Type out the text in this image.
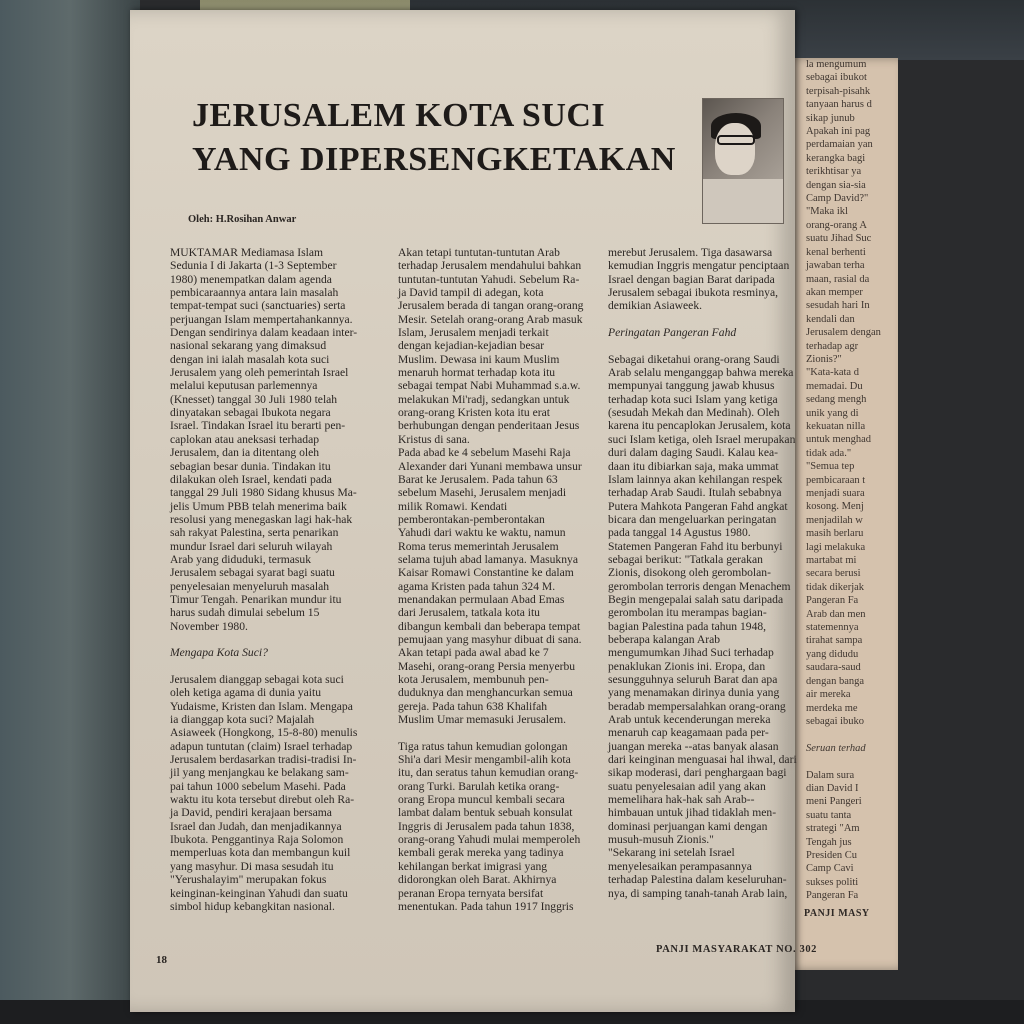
la mengumum
sebagai ibukot
terpisah-pisahk
tanyaan harus d
sikap junub
Apakah ini pag
perdamaian yan
kerangka bagi
terikhtisar ya
dengan sia-sia
Camp David?"
"Maka ikl
orang-orang A
suatu Jihad Suc
kenal berhenti
jawaban terha
maan, rasial da
akan memper
sesudah hari In
kendali dan
Jerusalem dengan
terhadap agr
Zionis?"
"Kata-kata d
memadai. Du
sedang mengh
unik yang di
kekuatan nilla
untuk menghad
tidak ada."
"Semua tep
pembicaraan t
menjadi suara
kosong. Menj
menjadilah w
masih berlaru
lagi melakuka
martabat mi
secara berusi
tidak dikerjak
Pangeran Fa
Arab dan men
statemennya
tirahat sampa
yang didudu
saudara-saud
dengan banga
air mereka
merdeka me
sebagai ibuko
Seruan terhad
Dalam sura
dian David I
meni Pangeri
suatu tanta
strategi "Am
Tengah jus
Presiden Cu
Camp Cavi
sukses politi
Pangeran Fa
PANJI MASY
JERUSALEM KOTA SUCI
YANG DIPERSENGKETAKAN
Oleh: H.Rosihan Anwar
MUKTAMAR Mediamasa Islam
Sedunia I di Jakarta (1-3 September
1980) menempatkan dalam agenda
pembicaraannya antara lain masalah
tempat-tempat suci (sanctuaries) serta
perjuangan Islam mempertahankannya.
Dengan sendirinya dalam keadaan inter-
nasional sekarang yang dimaksud
dengan ini ialah masalah kota suci
Jerusalem yang oleh pemerintah Israel
melalui keputusan parlemennya
(Knesset) tanggal 30 Juli 1980 telah
dinyatakan sebagai Ibukota negara
Israel. Tindakan Israel itu berarti pen-
caplokan atau aneksasi terhadap
Jerusalem, dan ia ditentang oleh
sebagian besar dunia. Tindakan itu
dilakukan oleh Israel, kendati pada
tanggal 29 Juli 1980 Sidang khusus Ma-
jelis Umum PBB telah menerima baik
resolusi yang menegaskan lagi hak-hak
sah rakyat Palestina, serta penarikan
mundur Israel dari seluruh wilayah
Arab yang diduduki, termasuk
Jerusalem sebagai syarat bagi suatu
penyelesaian menyeluruh masalah
Timur Tengah. Penarikan mundur itu
harus sudah dimulai sebelum 15
November 1980.
Mengapa Kota Suci?
Jerusalem dianggap sebagai kota suci
oleh ketiga agama di dunia yaitu
Yudaisme, Kristen dan Islam. Mengapa
ia dianggap kota suci? Majalah
Asiaweek (Hongkong, 15-8-80) menulis
adapun tuntutan (claim) Israel terhadap
Jerusalem berdasarkan tradisi-tradisi In-
jil yang menjangkau ke belakang sam-
pai tahun 1000 sebelum Masehi. Pada
waktu itu kota tersebut direbut oleh Ra-
ja David, pendiri kerajaan bersama
Israel dan Judah, dan menjadikannya
Ibukota. Penggantinya Raja Solomon
memperluas kota dan membangun kuil
yang masyhur. Di masa sesudah itu
"Yerushalayim" merupakan fokus
keinginan-keinginan Yahudi dan suatu
simbol hidup kebangkitan nasional.
Akan tetapi tuntutan-tuntutan Arab
terhadap Jerusalem mendahului bahkan
tuntutan-tuntutan Yahudi. Sebelum Ra-
ja David tampil di adegan, kota
Jerusalem berada di tangan orang-orang
Mesir. Setelah orang-orang Arab masuk
Islam, Jerusalem menjadi terkait
dengan kejadian-kejadian besar
Muslim. Dewasa ini kaum Muslim
menaruh hormat terhadap kota itu
sebagai tempat Nabi Muhammad s.a.w.
melakukan Mi'radj, sedangkan untuk
orang-orang Kristen kota itu erat
berhubungan dengan penderitaan Jesus
Kristus di sana.
Pada abad ke 4 sebelum Masehi Raja
Alexander dari Yunani membawa unsur
Barat ke Jerusalem. Pada tahun 63
sebelum Masehi, Jerusalem menjadi
milik Romawi. Kendati
pemberontakan-pemberontakan
Yahudi dari waktu ke waktu, namun
Roma terus memerintah Jerusalem
selama tujuh abad lamanya. Masuknya
Kaisar Romawi Constantine ke dalam
agama Kristen pada tahun 324 M.
menandakan permulaan Abad Emas
dari Jerusalem, tatkala kota itu
dibangun kembali dan beberapa tempat
pemujaan yang masyhur dibuat di sana.
Akan tetapi pada awal abad ke 7
Masehi, orang-orang Persia menyerbu
kota Jerusalem, membunuh pen-
duduknya dan menghancurkan semua
gereja. Pada tahun 638 Khalifah
Muslim Umar memasuki Jerusalem.
Tiga ratus tahun kemudian golongan
Shi'a dari Mesir mengambil-alih kota
itu, dan seratus tahun kemudian orang-
orang Turki. Barulah ketika orang-
orang Eropa muncul kembali secara
lambat dalam bentuk sebuah konsulat
Inggris di Jerusalem pada tahun 1838,
orang-orang Yahudi mulai memperoleh
kembali gerak mereka yang tadinya
kehilangan berkat imigrasi yang
didorongkan oleh Barat. Akhirnya
peranan Eropa ternyata bersifat
menentukan. Pada tahun 1917 Inggris
merebut Jerusalem. Tiga dasawarsa
kemudian Inggris mengatur penciptaan
Israel dengan bagian Barat daripada
Jerusalem sebagai ibukota resminya,
demikian Asiaweek.
Peringatan Pangeran Fahd
Sebagai diketahui orang-orang Saudi
Arab selalu menganggap bahwa mereka
mempunyai tanggung jawab khusus
terhadap kota suci Islam yang ketiga
(sesudah Mekah dan Medinah). Oleh
karena itu pencaplokan Jerusalem, kota
suci Islam ketiga, oleh Israel merupakan
duri dalam daging Saudi. Kalau kea-
daan itu dibiarkan saja, maka ummat
Islam lainnya akan kehilangan respek
terhadap Arab Saudi. Itulah sebabnya
Putera Mahkota Pangeran Fahd angkat
bicara dan mengeluarkan peringatan
pada tanggal 14 Agustus 1980.
Statemen Pangeran Fahd itu berbunyi
sebagai berikut: "Tatkala gerakan
Zionis, disokong oleh gerombolan-
gerombolan terroris dengan Menachem
Begin mengepalai salah satu daripada
gerombolan itu merampas bagian-
bagian Palestina pada tahun 1948,
beberapa kalangan Arab
mengumumkan Jihad Suci terhadap
penaklukan Zionis ini. Eropa, dan
sesungguhnya seluruh Barat dan apa
yang menamakan dirinya dunia yang
beradab mempersalahkan orang-orang
Arab untuk kecenderungan mereka
menaruh cap keagamaan pada per-
juangan mereka --atas banyak alasan
dari keinginan menguasai hal ihwal, dari
sikap moderasi, dari penghargaan bagi
suatu penyelesaian adil yang akan
memelihara hak-hak sah Arab--
himbauan untuk jihad tidaklah men-
dominasi perjuangan kami dengan
musuh-musuh Zionis."
"Sekarang ini setelah Israel
menyelesaikan perampasannya
terhadap Palestina dalam keseluruhan-
nya, di samping tanah-tanah Arab lain,
18
PANJI MASYARAKAT NO. 302
